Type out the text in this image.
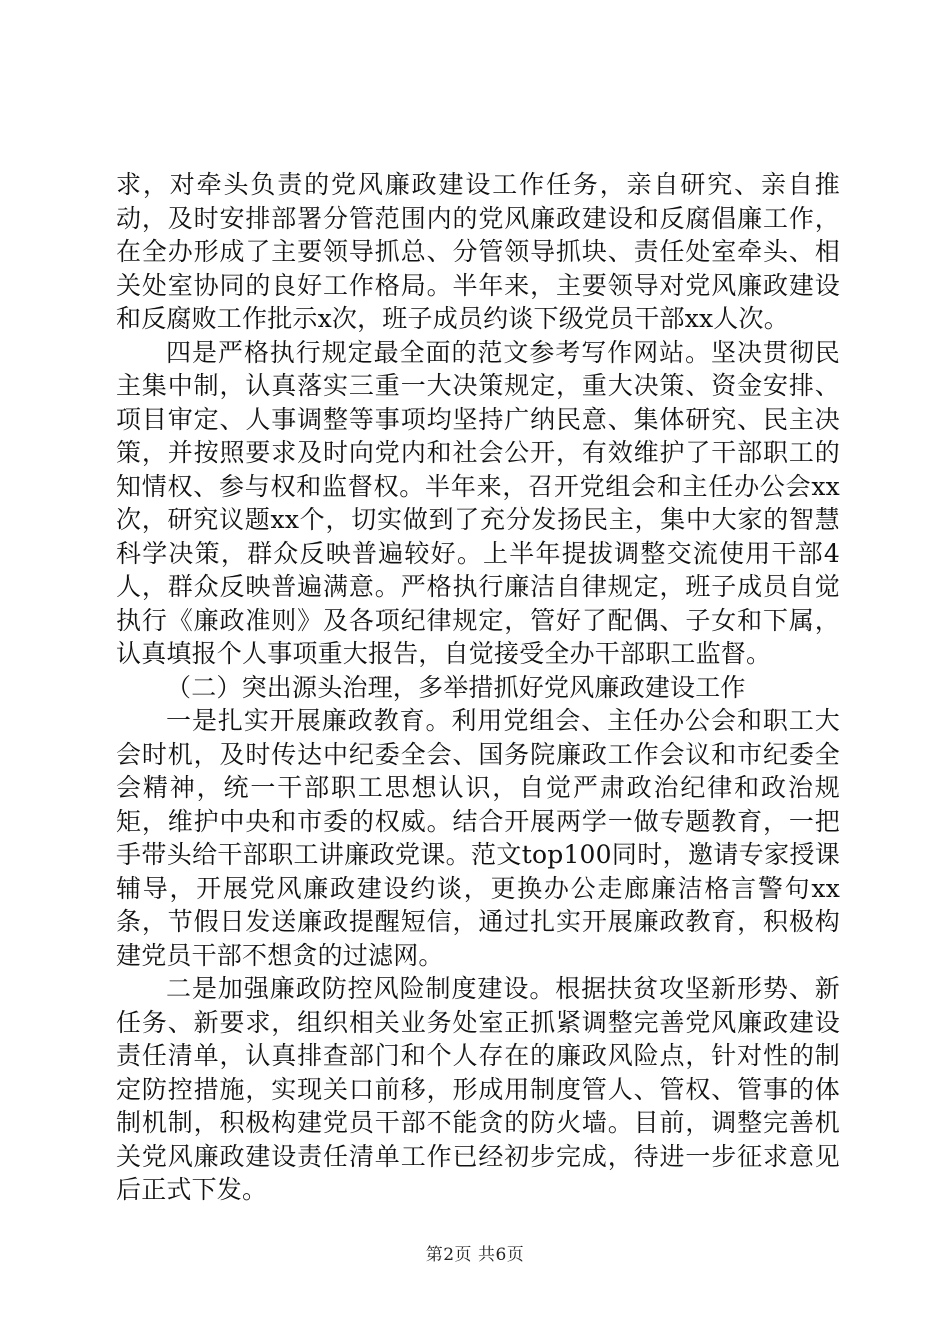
求，对牵头负责的党风廉政建设工作任务，亲自研究、亲自推动，及时安排部署分管范围内的党风廉政建设和反腐倡廉工作，在全办形成了主要领导抓总、分管领导抓块、责任处室牵头、相关处室协同的良好工作格局。半年来，主要领导对党风廉政建设和反腐败工作批示x次，班子成员约谈下级党员干部xx人次。

四是严格执行规定最全面的范文参考写作网站。坚决贯彻民主集中制，认真落实三重一大决策规定，重大决策、资金安排、项目审定、人事调整等事项均坚持广纳民意、集体研究、民主决策，并按照要求及时向党内和社会公开，有效维护了干部职工的知情权、参与权和监督权。半年来，召开党组会和主任办公会xx次，研究议题xx个，切实做到了充分发扬民主，集中大家的智慧科学决策，群众反映普遍较好。上半年提拔调整交流使用干部4人，群众反映普遍满意。严格执行廉洁自律规定，班子成员自觉执行《廉政准则》及各项纪律规定，管好了配偶、子女和下属，认真填报个人事项重大报告，自觉接受全办干部职工监督。

（二）突出源头治理，多举措抓好党风廉政建设工作

一是扎实开展廉政教育。利用党组会、主任办公会和职工大会时机，及时传达中纪委全会、国务院廉政工作会议和市纪委全会精神，统一干部职工思想认识，自觉严肃政治纪律和政治规矩，维护中央和市委的权威。结合开展两学一做专题教育，一把手带头给干部职工讲廉政党课。范文top100同时，邀请专家授课辅导，开展党风廉政建设约谈，更换办公走廊廉洁格言警句xx条，节假日发送廉政提醒短信，通过扎实开展廉政教育，积极构建党员干部不想贪的过滤网。

二是加强廉政防控风险制度建设。根据扶贫攻坚新形势、新任务、新要求，组织相关业务处室正抓紧调整完善党风廉政建设责任清单，认真排查部门和个人存在的廉政风险点，针对性的制定防控措施，实现关口前移，形成用制度管人、管权、管事的体制机制，积极构建党员干部不能贪的防火墙。目前，调整完善机关党风廉政建设责任清单工作已经初步完成，待进一步征求意见后正式下发。

第2页 共6页
